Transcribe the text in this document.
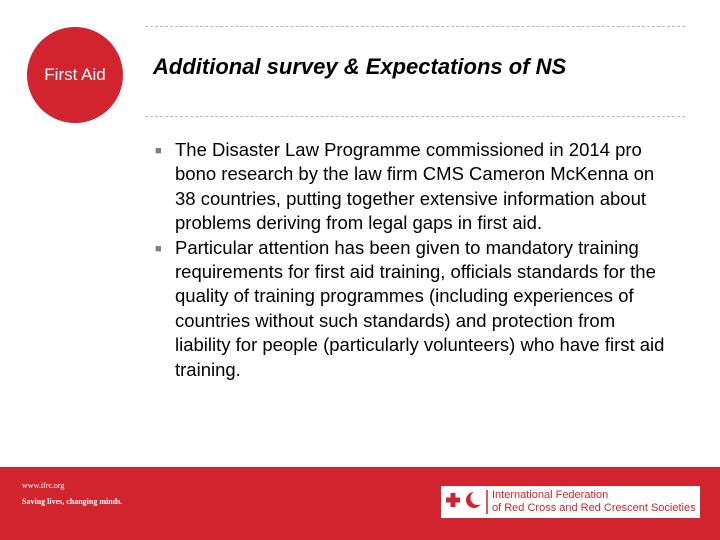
First Aid Additional survey & Expectations of NS
■ The Disaster Law Programme commissioned in 2014 pro bono research by the law firm CMS Cameron McKenna on 38 countries, putting together extensive information about problems deriving from legal gaps in first aid.
■ Particular attention has been given to mandatory training requirements for first aid training, officials standards for the quality of training programmes (including experiences of countries without such standards) and protection from liability for people (particularly volunteers) who have first aid training.
www.ifrc.org
Saving lives, changing minds.
International Federation
of Red Cross and Red Crescent Societies
